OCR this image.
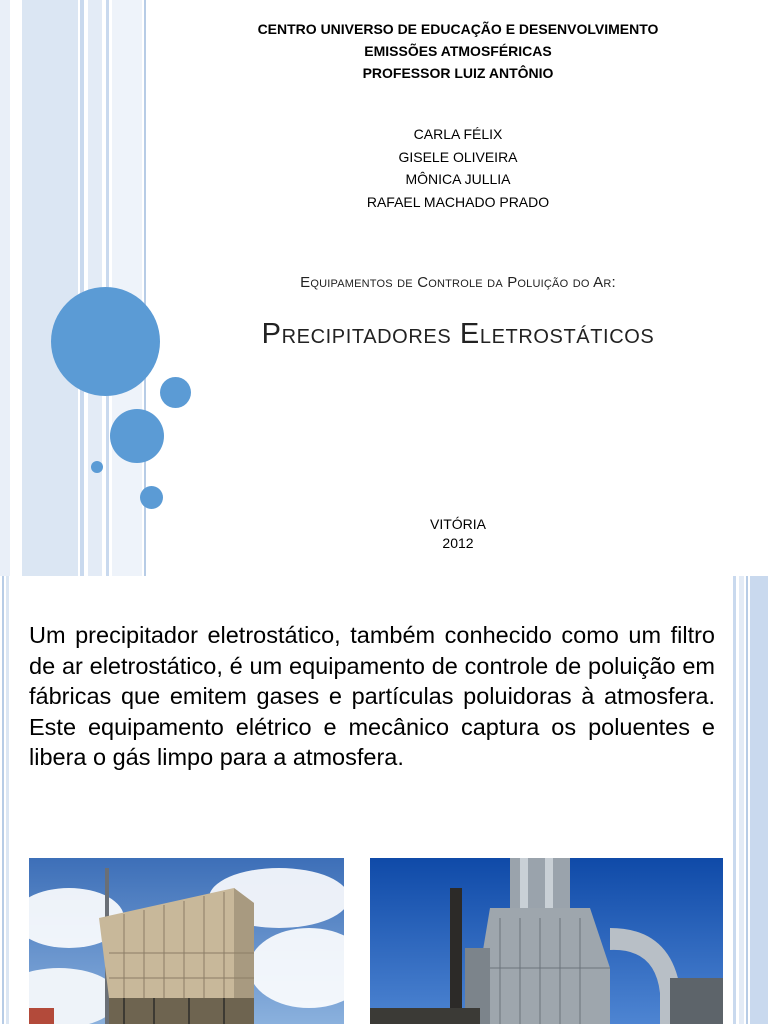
CENTRO UNIVERSO DE EDUCAÇÃO E DESENVOLVIMENTO
EMISSÕES ATMOSFÉRICAS
PROFESSOR LUIZ ANTÔNIO
CARLA FÉLIX
GISELE OLIVEIRA
MÔNICA JULLIA
RAFAEL MACHADO PRADO
Equipamentos de Controle da Poluição do Ar:
Precipitadores Eletrostáticos
VITÓRIA
2012
Um precipitador eletrostático, também conhecido como um filtro de ar eletrostático, é um equipamento de controle de poluição em fábricas que emitem gases e partículas poluidoras à atmosfera. Este equipamento elétrico e mecânico captura os poluentes e libera o gás limpo para a atmosfera.
